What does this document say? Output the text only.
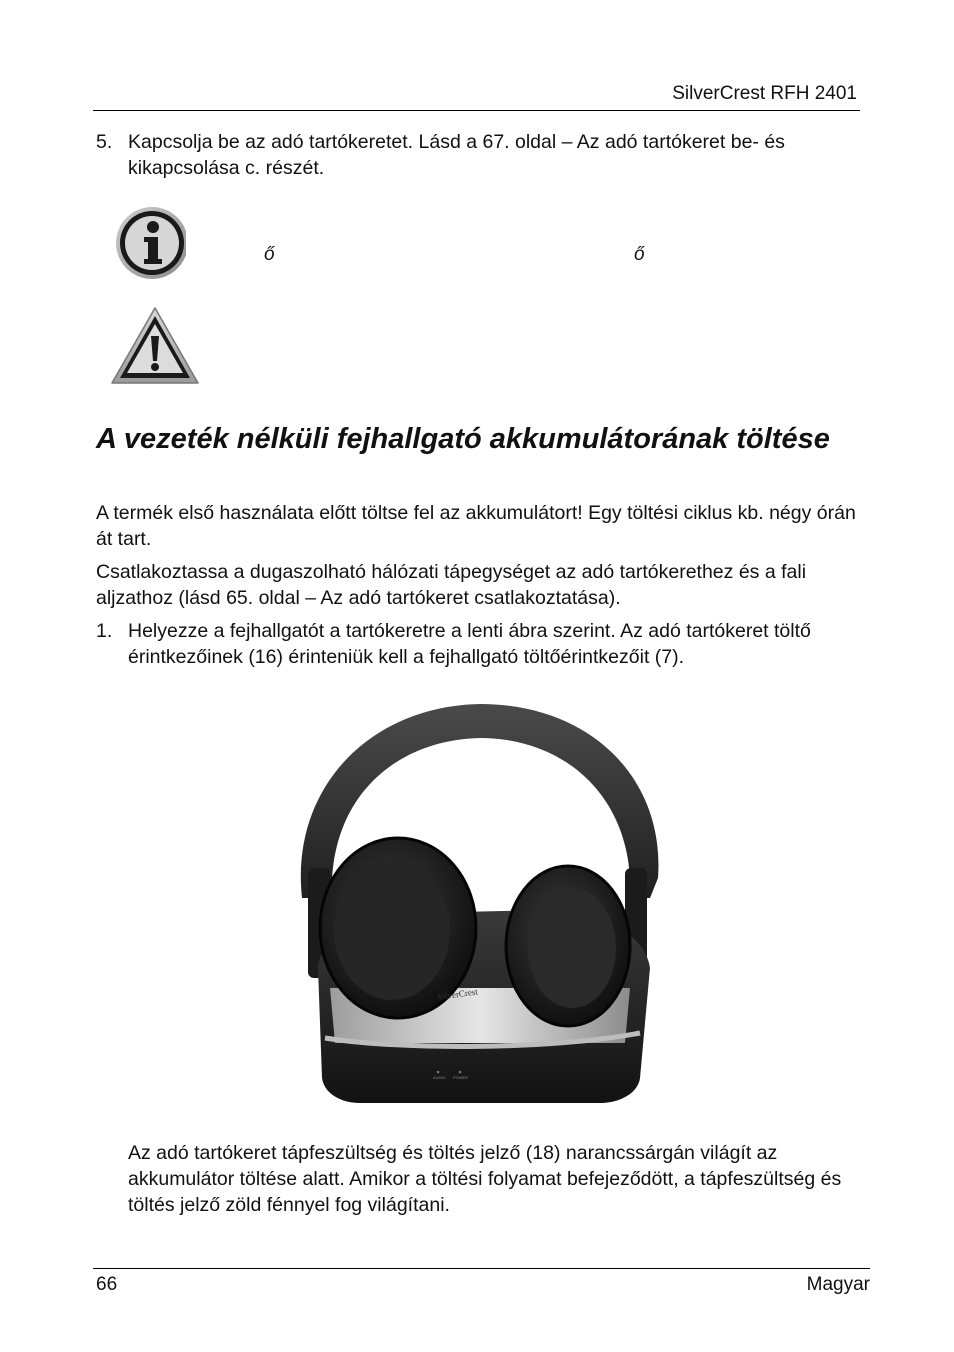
SilverCrest RFH 2401
5. Kapcsolja be az adó tartókeretet. Lásd a 67. oldal – Az adó tartókeret be- és kikapcsolása c. részét.
ő	ő
A vezeték nélküli fejhallgató akkumulátorának töltése
A termék első használata előtt töltse fel az akkumulátort! Egy töltési ciklus kb. négy órán át tart.
Csatlakoztassa a dugaszolható hálózati tápegységet az adó tartókerethez és a fali aljzathoz (lásd 65. oldal – Az adó tartókeret csatlakoztatása).
1. Helyezze a fejhallgatót a tartókeretre a lenti ábra szerint. Az adó tartókeret töltő érintkezőinek (16) érinteniük kell a fejhallgató töltőérintkezőit (7).
SilverCrest
AUDIO POWER
Az adó tartókeret tápfeszültség és töltés jelző (18) narancssárgán világít az akkumulátor töltése alatt. Amikor a töltési folyamat befejeződött, a tápfeszültség és töltés jelző zöld fénnyel fog világítani.
66	Magyar
